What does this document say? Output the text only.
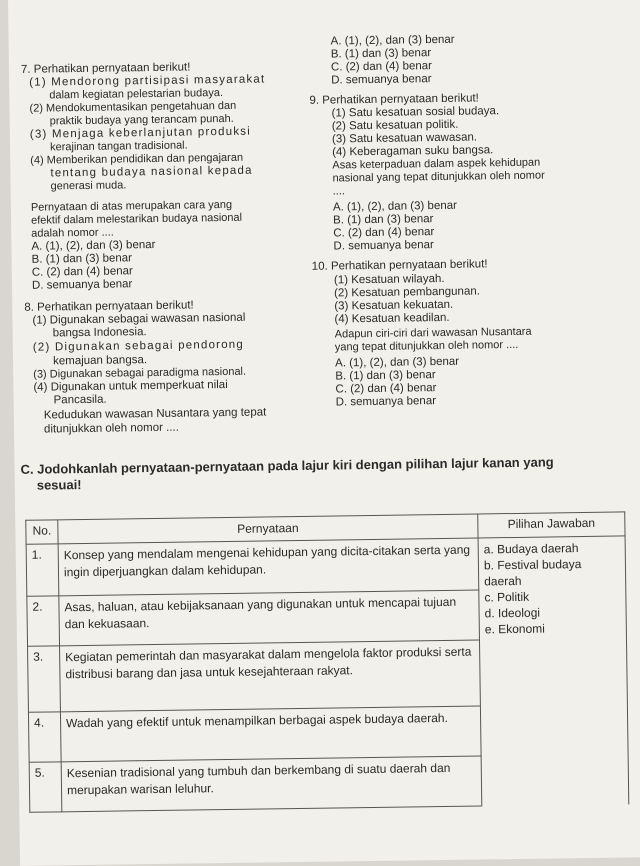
7. Perhatikan pernyataan berikut!
(1) Mendorong partisipasi masyarakat
dalam kegiatan pelestarian budaya.
(2) Mendokumentasikan pengetahuan dan
praktik budaya yang terancam punah.
(3) Menjaga keberlanjutan produksi
kerajinan tangan tradisional.
(4) Memberikan pendidikan dan pengajaran
tentang budaya nasional kepada
generasi muda.
Pernyataan di atas merupakan cara yang
efektif dalam melestarikan budaya nasional
adalah nomor ....
A. (1), (2), dan (3) benar
B. (1) dan (3) benar
C. (2) dan (4) benar
D. semuanya benar
8. Perhatikan pernyataan berikut!
(1) Digunakan sebagai wawasan nasional
bangsa Indonesia.
(2) Digunakan sebagai pendorong
kemajuan bangsa.
(3) Digunakan sebagai paradigma nasional.
(4) Digunakan untuk memperkuat nilai
Pancasila.
Kedudukan wawasan Nusantara yang tepat
ditunjukkan oleh nomor ....
A. (1), (2), dan (3) benar
B. (1) dan (3) benar
C. (2) dan (4) benar
D. semuanya benar
9. Perhatikan pernyataan berikut!
(1) Satu kesatuan sosial budaya.
(2) Satu kesatuan politik.
(3) Satu kesatuan wawasan.
(4) Keberagaman suku bangsa.
Asas keterpaduan dalam aspek kehidupan
nasional yang tepat ditunjukkan oleh nomor
....
A. (1), (2), dan (3) benar
B. (1) dan (3) benar
C. (2) dan (4) benar
D. semuanya benar
10. Perhatikan pernyataan berikut!
(1) Kesatuan wilayah.
(2) Kesatuan pembangunan.
(3) Kesatuan kekuatan.
(4) Kesatuan keadilan.
Adapun ciri-ciri dari wawasan Nusantara
yang tepat ditunjukkan oleh nomor ....
A. (1), (2), dan (3) benar
B. (1) dan (3) benar
C. (2) dan (4) benar
D. semuanya benar
C. Jodohkanlah pernyataan-pernyataan pada lajur kiri dengan pilihan lajur kanan yang
sesuai!
No.	Pernyataan	Pilihan Jawaban
1.	Konsep yang mendalam mengenai kehidupan yang dicita-citakan serta yang ingin diperjuangkan dalam kehidupan.	a. Budaya daerah
b. Festival budaya daerah
c. Politik
d. Ideologi
e. Ekonomi

2.	Asas, haluan, atau kebijaksanaan yang digunakan untuk mencapai tujuan dan kekuasaan.	
3.	Kegiatan pemerintah dan masyarakat dalam mengelola faktor produksi serta distribusi barang dan jasa untuk kesejahteraan rakyat.	
4.	Wadah yang efektif untuk menampilkan berbagai aspek budaya daerah.	
5.	Kesenian tradisional yang tumbuh dan berkembang di suatu daerah dan merupakan warisan leluhur.	
